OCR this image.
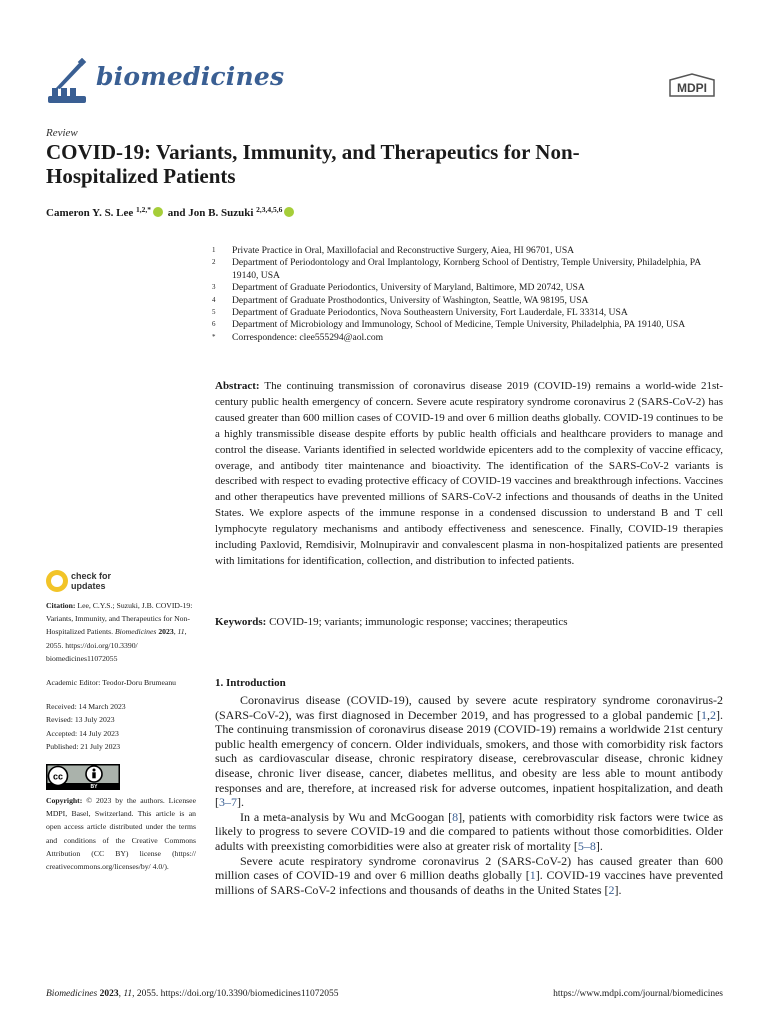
biomedicines	MDPI
Review
COVID-19: Variants, Immunity, and Therapeutics for Non-Hospitalized Patients
Cameron Y. S. Lee $^{1,2,*}$ and Jon B. Suzuki $^{2,3,4,5,6}$
1 Private Practice in Oral, Maxillofacial and Reconstructive Surgery, Aiea, HI 96701, USA
2 Department of Periodontology and Oral Implantology, Kornberg School of Dentistry, Temple University, Philadelphia, PA 19140, USA
3 Department of Graduate Periodontics, University of Maryland, Baltimore, MD 20742, USA
4 Department of Graduate Prosthodontics, University of Washington, Seattle, WA 98195, USA
5 Department of Graduate Periodontics, Nova Southeastern University, Fort Lauderdale, FL 33314, USA
6 Department of Microbiology and Immunology, School of Medicine, Temple University, Philadelphia, PA 19140, USA
* Correspondence: clee555294@aol.com
Abstract: The continuing transmission of coronavirus disease 2019 (COVID-19) remains a world-wide 21st-century public health emergency of concern. Severe acute respiratory syndrome coronavirus 2 (SARS-CoV-2) has caused greater than 600 million cases of COVID-19 and over 6 million deaths globally. COVID-19 continues to be a highly transmissible disease despite efforts by public health officials and healthcare providers to manage and control the disease. Variants identified in selected worldwide epicenters add to the complexity of vaccine efficacy, overage, and antibody titer maintenance and bioactivity. The identification of the SARS-CoV-2 variants is described with respect to evading protective efficacy of COVID-19 vaccines and breakthrough infections. Vaccines and other therapeutics have prevented millions of SARS-CoV-2 infections and thousands of deaths in the United States. We explore aspects of the immune response in a condensed discussion to understand B and T cell lymphocyte regulatory mechanisms and antibody effectiveness and senescence. Finally, COVID-19 therapies including Paxlovid, Remdisivir, Molnupiravir and convalescent plasma in non-hospitalized patients are presented with limitations for identification, collection, and distribution to infected patients.
Keywords: COVID-19; variants; immunologic response; vaccines; therapeutics
check for
updates
Citation: Lee, C.Y.S.; Suzuki, J.B. COVID-19: Variants, Immunity, and Therapeutics for Non-Hospitalized Patients. Biomedicines 2023, 11, 2055. https://doi.org/10.3390/ biomedicines11072055
Academic Editor: Teodor-Doru Brumeanu
Received: 14 March 2023
Revised: 13 July 2023
Accepted: 14 July 2023
Published: 21 July 2023
cc
BY
Copyright: © 2023 by the authors. Licensee MDPI, Basel, Switzerland. This article is an open access article distributed under the terms and conditions of the Creative Commons Attribution (CC BY) license (https:// creativecommons.org/licenses/by/ 4.0/).
1. Introduction

Coronavirus disease (COVID-19), caused by severe acute respiratory syndrome coronavirus-2 (SARS-CoV-2), was first diagnosed in December 2019, and has progressed to a global pandemic [1,2]. The continuing transmission of coronavirus disease 2019 (COVID-19) remains a worldwide 21st century public health emergency of concern. Older individuals, smokers, and those with comorbidity risk factors such as cardiovascular disease, chronic respiratory disease, cerebrovascular disease, chronic kidney disease, chronic liver disease, cancer, diabetes mellitus, and obesity are less able to mount antibody responses and are, therefore, at increased risk for adverse outcomes, inpatient hospitalization, and death [3–7].

In a meta-analysis by Wu and McGoogan [8], patients with comorbidity risk factors were twice as likely to progress to severe COVID-19 and die compared to patients without those comorbidities. Older adults with preexisting comorbidities were also at greater risk of mortality [5–8].

Severe acute respiratory syndrome coronavirus 2 (SARS-CoV-2) has caused greater than 600 million cases of COVID-19 and over 6 million deaths globally [1]. COVID-19 vaccines have prevented millions of SARS-CoV-2 infections and thousands of deaths in the United States [2].

Biomedicines 2023, 11, 2055. https://doi.org/10.3390/biomedicines11072055	https://www.mdpi.com/journal/biomedicines
